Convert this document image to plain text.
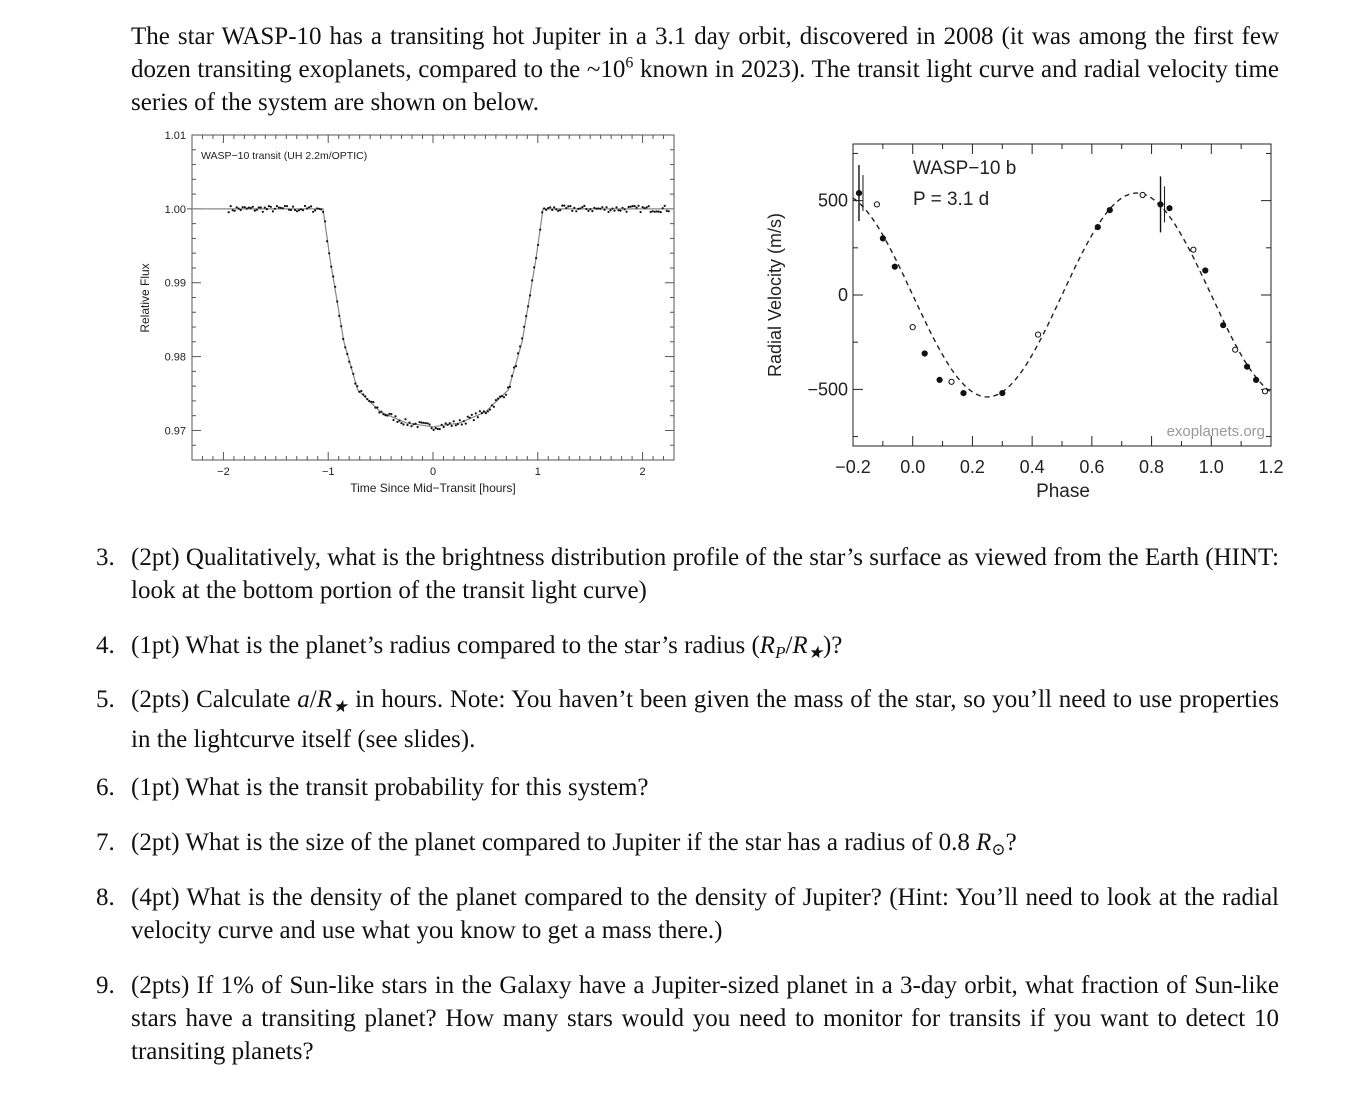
The star WASP-10 has a transiting hot Jupiter in a 3.1 day orbit, discovered in 2008 (it was among the first few dozen transiting exoplanets, compared to the $\sim 10^6$ known in 2023). The transit light curve and radial velocity time series of the system are shown on below.

1.01
1.00
0.99
0.98
0.97
−2	−1	0	1	2
WASP−10 transit (UH 2.2m/OPTIC)
Time Since Mid−Transit [hours]
Relative Flux
500
0
−500
−0.2 0.0 0.2 0.4 0.6 0.8 1.0 1.2
WASP−10 b
P = 3.1 d
exoplanets.org
Phase
Radial Velocity (m/s)
3. (2pt) Qualitatively, what is the brightness distribution profile of the star’s surface as viewed from the Earth (HINT: look at the bottom portion of the transit light curve)
4. (1pt) What is the planet’s radius compared to the star’s radius $(R_P/R_★)$?
5. (2pts) Calculate $a/R_★$ in hours. Note: You haven’t been given the mass of the star, so you’ll need to use properties in the lightcurve itself (see slides).
6. (1pt) What is the transit probability for this system?
7. (2pt) What is the size of the planet compared to Jupiter if the star has a radius of 0.8 $R_⊙$?
8. (4pt) What is the density of the planet compared to the density of Jupiter? (Hint: You’ll need to look at the radial velocity curve and use what you know to get a mass there.)
9. (2pts) If 1% of Sun-like stars in the Galaxy have a Jupiter-sized planet in a 3-day orbit, what fraction of Sun-like stars have a transiting planet? How many stars would you need to monitor for transits if you want to detect 10 transiting planets?
